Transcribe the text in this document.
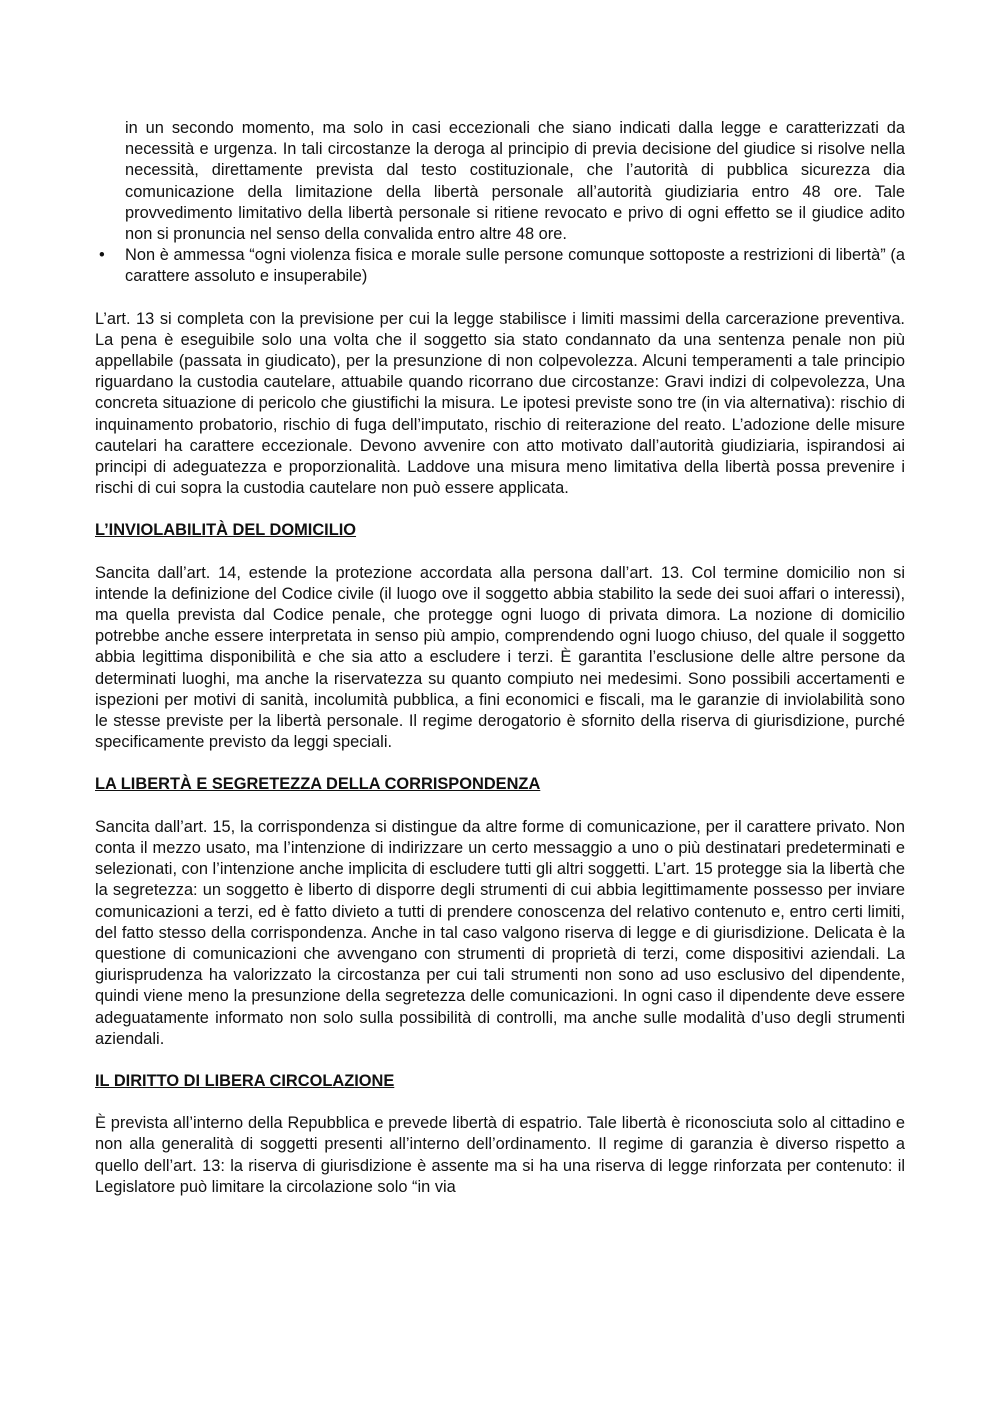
in un secondo momento, ma solo in casi eccezionali che siano indicati dalla legge e caratterizzati da necessità e urgenza. In tali circostanze la deroga al principio di previa decisione del giudice si risolve nella necessità, direttamente prevista dal testo costituzionale, che l’autorità di pubblica sicurezza dia comunicazione della limitazione della libertà personale all’autorità giudiziaria entro 48 ore. Tale provvedimento limitativo della libertà personale si ritiene revocato e privo di ogni effetto se il giudice adito non si pronuncia nel senso della convalida entro altre 48 ore.

• Non è ammessa “ogni violenza fisica e morale sulle persone comunque sottoposte a restrizioni di libertà” (a carattere assoluto e insuperabile)

L’art. 13 si completa con la previsione per cui la legge stabilisce i limiti massimi della carcerazione preventiva. La pena è eseguibile solo una volta che il soggetto sia stato condannato da una sentenza penale non più appellabile (passata in giudicato), per la presunzione di non colpevolezza. Alcuni temperamenti a tale principio riguardano la custodia cautelare, attuabile quando ricorrano due circostanze: Gravi indizi di colpevolezza, Una concreta situazione di pericolo che giustifichi la misura. Le ipotesi previste sono tre (in via alternativa): rischio di inquinamento probatorio, rischio di fuga dell’imputato, rischio di reiterazione del reato. L’adozione delle misure cautelari ha carattere eccezionale. Devono avvenire con atto motivato dall’autorità giudiziaria, ispirandosi ai principi di adeguatezza e proporzionalità. Laddove una misura meno limitativa della libertà possa prevenire i rischi di cui sopra la custodia cautelare non può essere applicata.

L’INVIOLABILITÀ DEL DOMICILIO

Sancita dall’art. 14, estende la protezione accordata alla persona dall’art. 13. Col termine domicilio non si intende la definizione del Codice civile (il luogo ove il soggetto abbia stabilito la sede dei suoi affari o interessi), ma quella prevista dal Codice penale, che protegge ogni luogo di privata dimora. La nozione di domicilio potrebbe anche essere interpretata in senso più ampio, comprendendo ogni luogo chiuso, del quale il soggetto abbia legittima disponibilità e che sia atto a escludere i terzi. È garantita l’esclusione delle altre persone da determinati luoghi, ma anche la riservatezza su quanto compiuto nei medesimi. Sono possibili accertamenti e ispezioni per motivi di sanità, incolumità pubblica, a fini economici e fiscali, ma le garanzie di inviolabilità sono le stesse previste per la libertà personale. Il regime derogatorio è sfornito della riserva di giurisdizione, purché specificamente previsto da leggi speciali.

LA LIBERTÀ E SEGRETEZZA DELLA CORRISPONDENZA

Sancita dall’art. 15, la corrispondenza si distingue da altre forme di comunicazione, per il carattere privato. Non conta il mezzo usato, ma l’intenzione di indirizzare un certo messaggio a uno o più destinatari predeterminati e selezionati, con l’intenzione anche implicita di escludere tutti gli altri soggetti. L’art. 15 protegge sia la libertà che la segretezza: un soggetto è liberto di disporre degli strumenti di cui abbia legittimamente possesso per inviare comunicazioni a terzi, ed è fatto divieto a tutti di prendere conoscenza del relativo contenuto e, entro certi limiti, del fatto stesso della corrispondenza. Anche in tal caso valgono riserva di legge e di giurisdizione. Delicata è la questione di comunicazioni che avvengano con strumenti di proprietà di terzi, come dispositivi aziendali. La giurisprudenza ha valorizzato la circostanza per cui tali strumenti non sono ad uso esclusivo del dipendente, quindi viene meno la presunzione della segretezza delle comunicazioni. In ogni caso il dipendente deve essere adeguatamente informato non solo sulla possibilità di controlli, ma anche sulle modalità d’uso degli strumenti aziendali.

IL DIRITTO DI LIBERA CIRCOLAZIONE

È prevista all’interno della Repubblica e prevede libertà di espatrio. Tale libertà è riconosciuta solo al cittadino e non alla generalità di soggetti presenti all’interno dell’ordinamento. Il regime di garanzia è diverso rispetto a quello dell’art. 13: la riserva di giurisdizione è assente ma si ha una riserva di legge rinforzata per contenuto: il Legislatore può limitare la circolazione solo “in via
